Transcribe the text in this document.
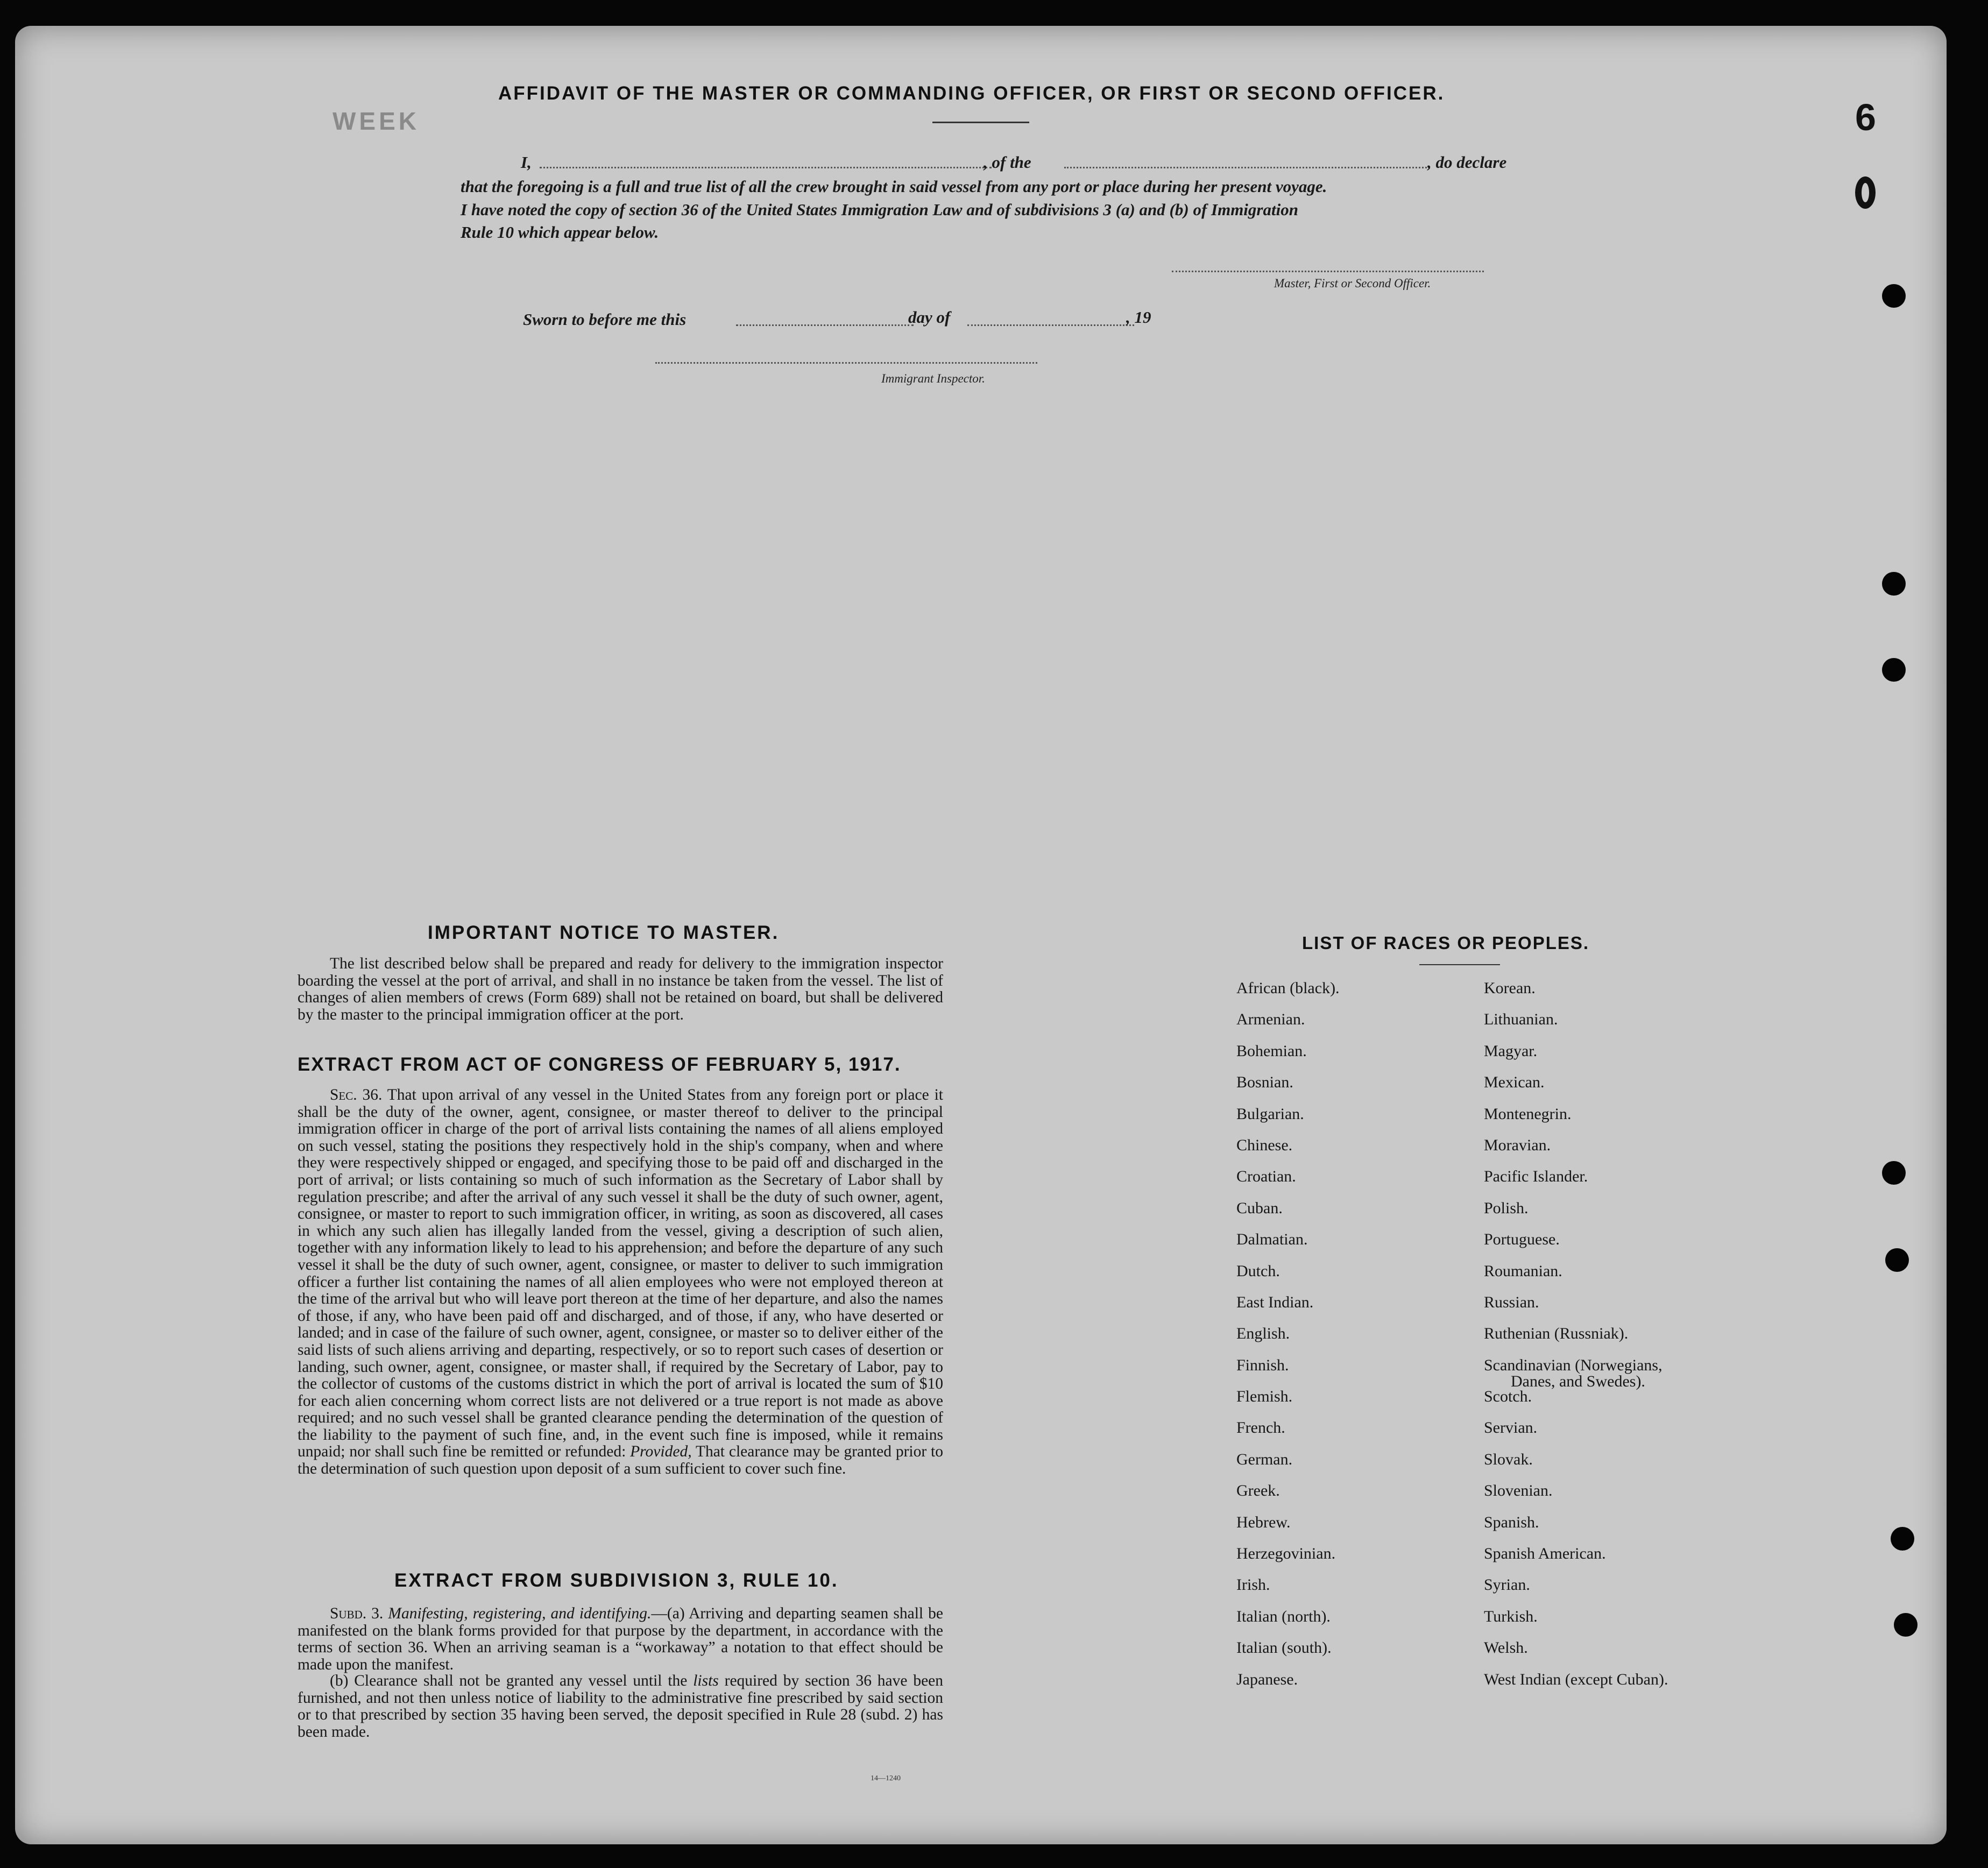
WEEK	6
AFFIDAVIT OF THE MASTER OR COMMANDING OFFICER, OR FIRST OR SECOND OFFICER.
I,	, of the	, do declare
that the foregoing is a full and true list of all the crew brought in said vessel from any port or place during her present voyage.
I have noted the copy of section 36 of the United States Immigration Law and of subdivisions 3 (a) and (b) of Immigration
Rule 10 which appear below.
Master, First or Second Officer.
Sworn to before me this	day of	, 19
Immigrant Inspector.
IMPORTANT NOTICE TO MASTER.
The list described below shall be prepared and ready for delivery to the immigration inspector boarding the vessel at the port of arrival, and shall in no instance be taken from the vessel. The list of changes of alien members of crews (Form 689) shall not be retained on board, but shall be delivered by the master to the principal immigration officer at the port.
EXTRACT FROM ACT OF CONGRESS OF FEBRUARY 5, 1917.
Sec. 36. That upon arrival of any vessel in the United States from any foreign port or place it shall be the duty of the owner, agent, consignee, or master thereof to deliver to the principal immigration officer in charge of the port of arrival lists containing the names of all aliens employed on such vessel, stating the positions they respectively hold in the ship's company, when and where they were respectively shipped or engaged, and specifying those to be paid off and discharged in the port of arrival; or lists containing so much of such information as the Secretary of Labor shall by regulation prescribe; and after the arrival of any such vessel it shall be the duty of such owner, agent, consignee, or master to report to such immigration officer, in writing, as soon as discovered, all cases in which any such alien has illegally landed from the vessel, giving a description of such alien, together with any information likely to lead to his apprehension; and before the departure of any such vessel it shall be the duty of such owner, agent, consignee, or master to deliver to such immigration officer a further list containing the names of all alien employees who were not employed thereon at the time of the arrival but who will leave port thereon at the time of her departure, and also the names of those, if any, who have been paid off and discharged, and of those, if any, who have deserted or landed; and in case of the failure of such owner, agent, consignee, or master so to deliver either of the said lists of such aliens arriving and departing, respectively, or so to report such cases of desertion or landing, such owner, agent, consignee, or master shall, if required by the Secretary of Labor, pay to the collector of customs of the customs district in which the port of arrival is located the sum of $10 for each alien concerning whom correct lists are not delivered or a true report is not made as above required; and no such vessel shall be granted clearance pending the determination of the question of the liability to the payment of such fine, and, in the event such fine is imposed, while it remains unpaid; nor shall such fine be remitted or refunded: Provided, That clearance may be granted prior to the determination of such question upon deposit of a sum sufficient to cover such fine.
EXTRACT FROM SUBDIVISION 3, RULE 10.
Subd. 3. Manifesting, registering, and identifying.—(a) Arriving and departing seamen shall be manifested on the blank forms provided for that purpose by the department, in accordance with the terms of section 36. When an arriving seaman is a “workaway” a notation to that effect should be made upon the manifest.
(b) Clearance shall not be granted any vessel until the lists required by section 36 have been furnished, and not then unless notice of liability to the administrative fine prescribed by said section or to that prescribed by section 35 having been served, the deposit specified in Rule 28 (subd. 2) has been made.
14—1240
LIST OF RACES OR PEOPLES.
African (black).
Armenian.
Bohemian.
Bosnian.
Bulgarian.
Chinese.
Croatian.
Cuban.
Dalmatian.
Dutch.
East Indian.
English.
Finnish.
Flemish.
French.
German.
Greek.
Hebrew.
Herzegovinian.
Irish.
Italian (north).
Italian (south).
Japanese.
Korean.
Lithuanian.
Magyar.
Mexican.
Montenegrin.
Moravian.
Pacific Islander.
Polish.
Portuguese.
Roumanian.
Russian.
Ruthenian (Russniak).
Scandinavian (Norwegians,
Danes, and Swedes).
Scotch.
Servian.
Slovak.
Slovenian.
Spanish.
Spanish American.
Syrian.
Turkish.
Welsh.
West Indian (except Cuban).
